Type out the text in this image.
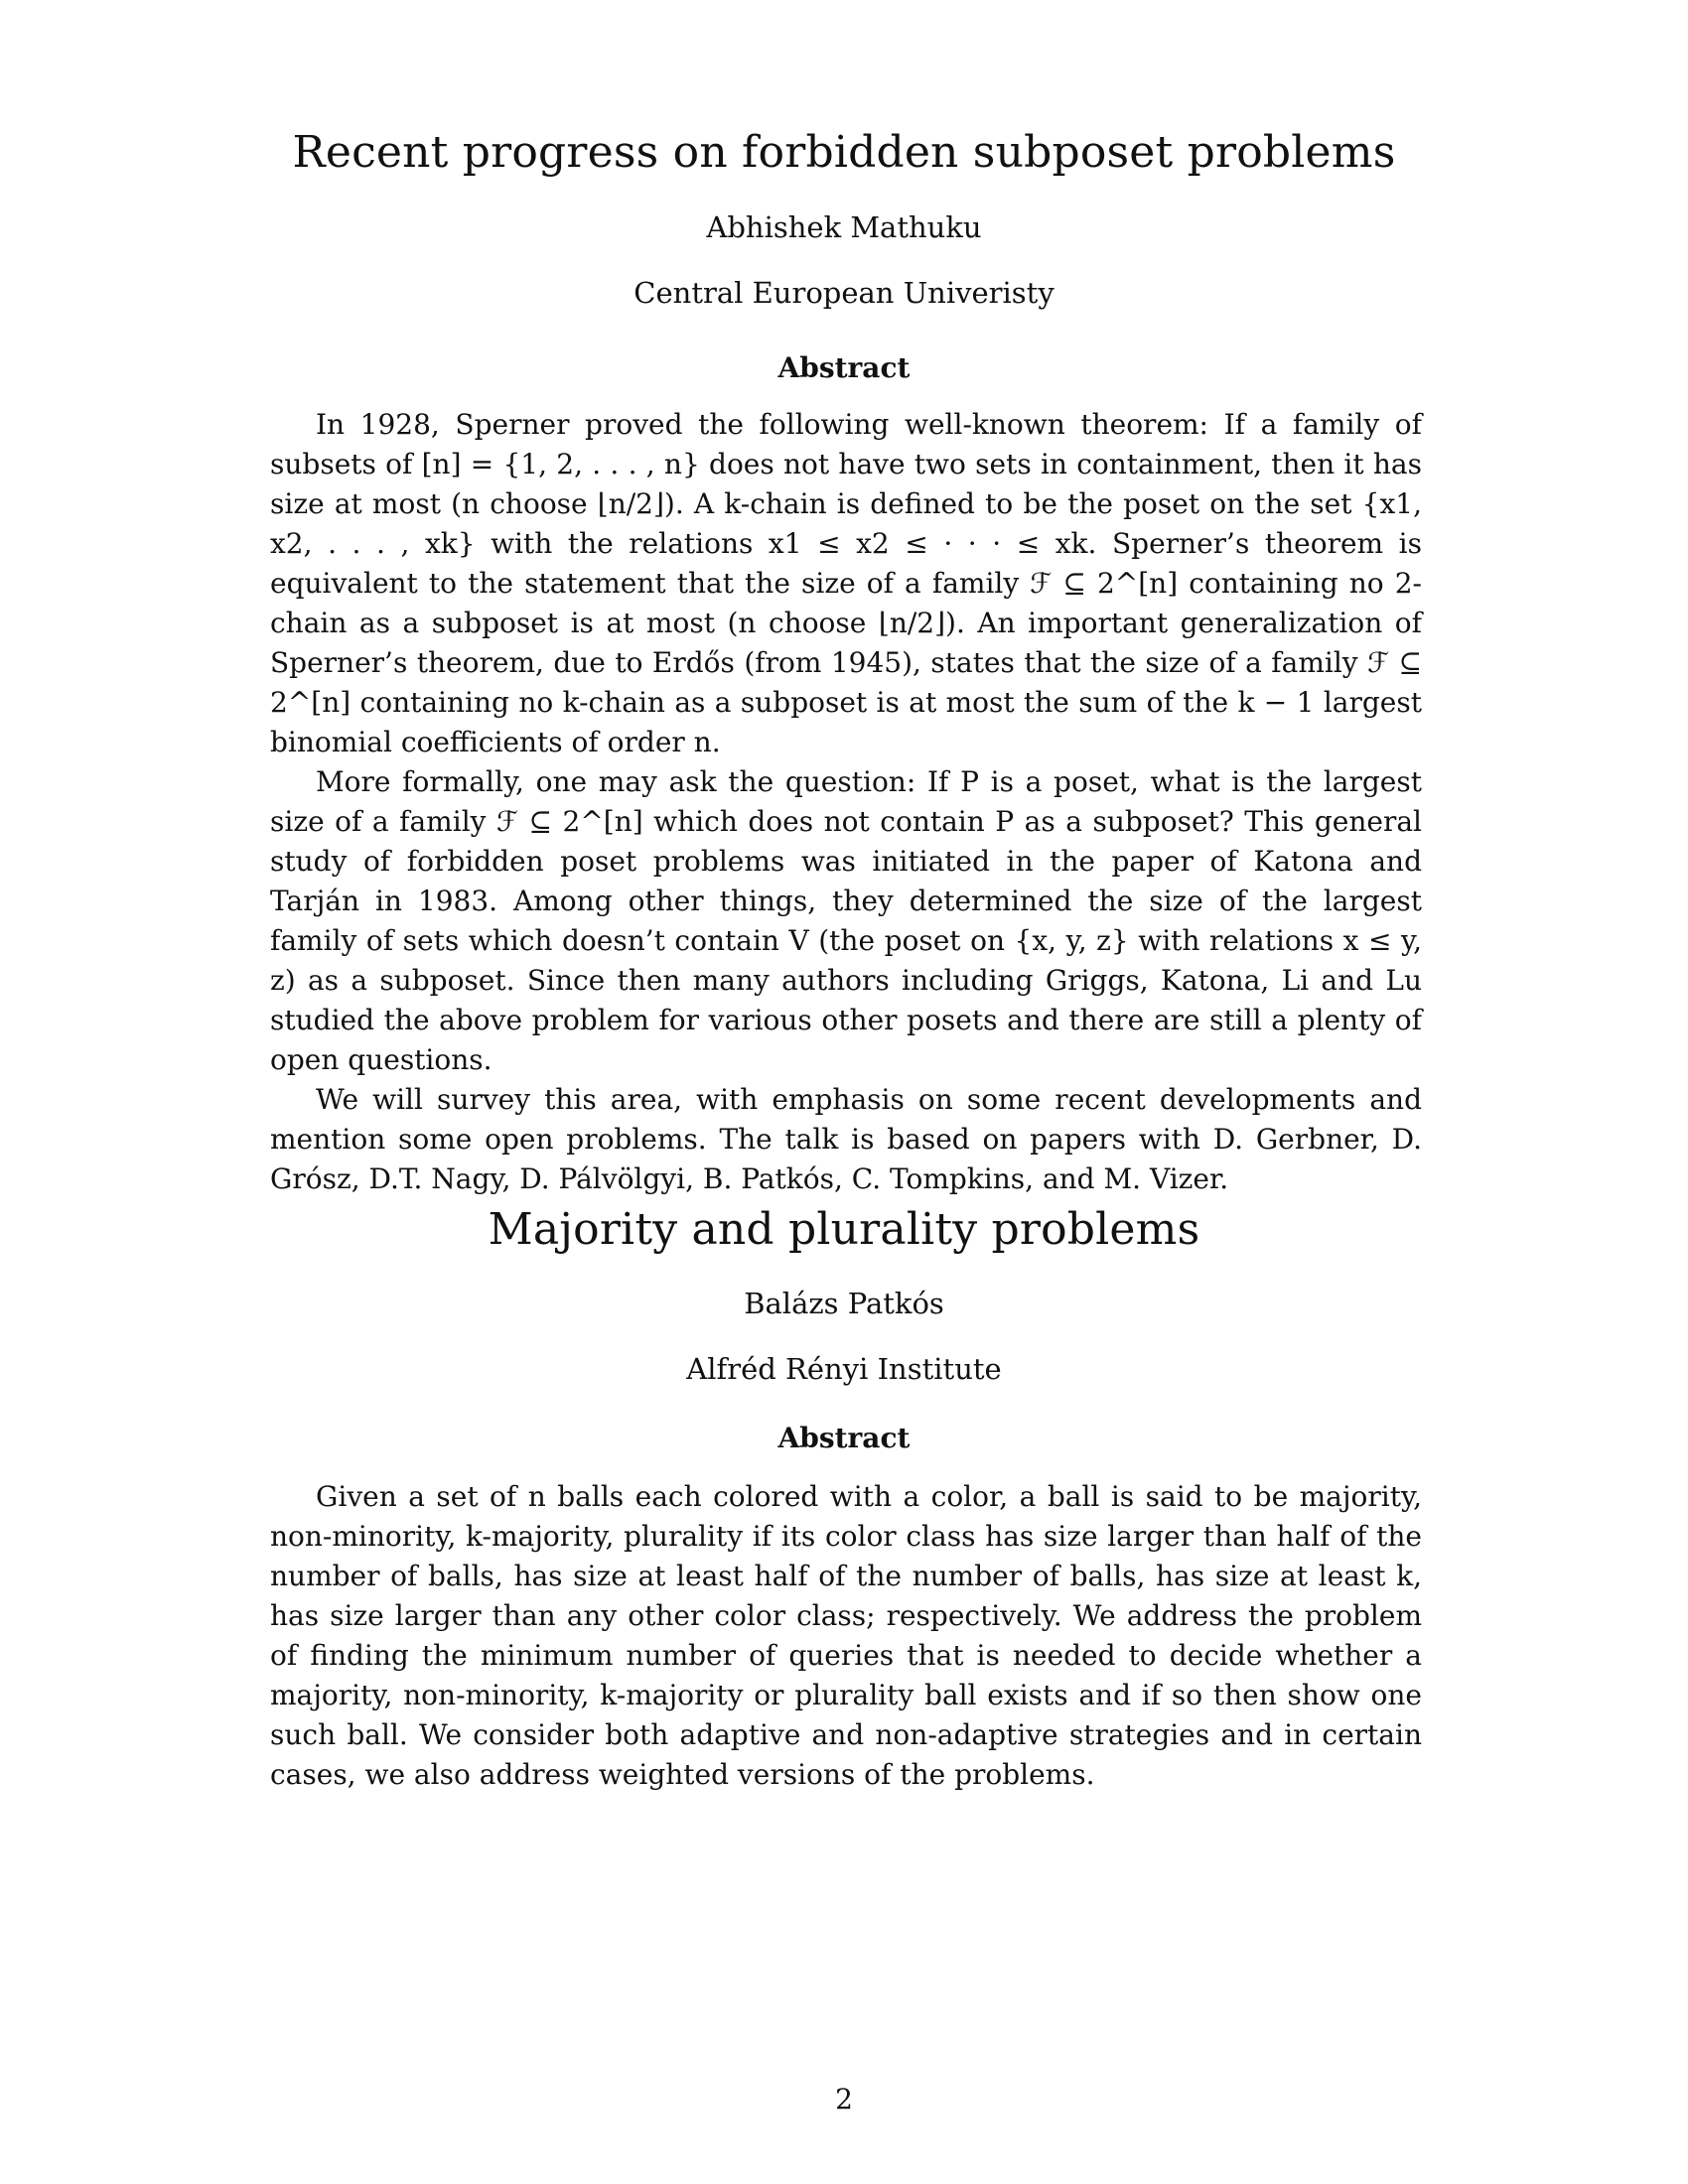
Recent progress on forbidden subposet problems

Abhishek Mathuku

Central European Univeristy

Abstract

In 1928, Sperner proved the following well-known theorem: If a family of subsets of [n] = {1, 2, . . . , n} does not have two sets in containment, then it has size at most (n choose ⌊n/2⌋). A k-chain is defined to be the poset on the set {x1, x2, . . . , xk} with the relations x1 ≤ x2 ≤ · · · ≤ xk. Sperner’s theorem is equivalent to the statement that the size of a family ℱ ⊆ 2^[n] containing no 2-chain as a subposet is at most (n choose ⌊n/2⌋). An important generalization of Sperner’s theorem, due to Erdős (from 1945), states that the size of a family ℱ ⊆ 2^[n] containing no k-chain as a subposet is at most the sum of the k − 1 largest binomial coefficients of order n.

More formally, one may ask the question: If P is a poset, what is the largest size of a family ℱ ⊆ 2^[n] which does not contain P as a subposet? This general study of forbidden poset problems was initiated in the paper of Katona and Tarján in 1983. Among other things, they determined the size of the largest family of sets which doesn’t contain V (the poset on {x, y, z} with relations x ≤ y, z) as a subposet. Since then many authors including Griggs, Katona, Li and Lu studied the above problem for various other posets and there are still a plenty of open questions.

We will survey this area, with emphasis on some recent developments and mention some open problems. The talk is based on papers with D. Gerbner, D. Grósz, D.T. Nagy, D. Pálvölgyi, B. Patkós, C. Tompkins, and M. Vizer.

Majority and plurality problems

Balázs Patkós

Alfréd Rényi Institute

Abstract

Given a set of n balls each colored with a color, a ball is said to be majority, non-minority, k-majority, plurality if its color class has size larger than half of the number of balls, has size at least half of the number of balls, has size at least k, has size larger than any other color class; respectively. We address the problem of finding the minimum number of queries that is needed to decide whether a majority, non-minority, k-majority or plurality ball exists and if so then show one such ball. We consider both adaptive and non-adaptive strategies and in certain cases, we also address weighted versions of the problems.

2
